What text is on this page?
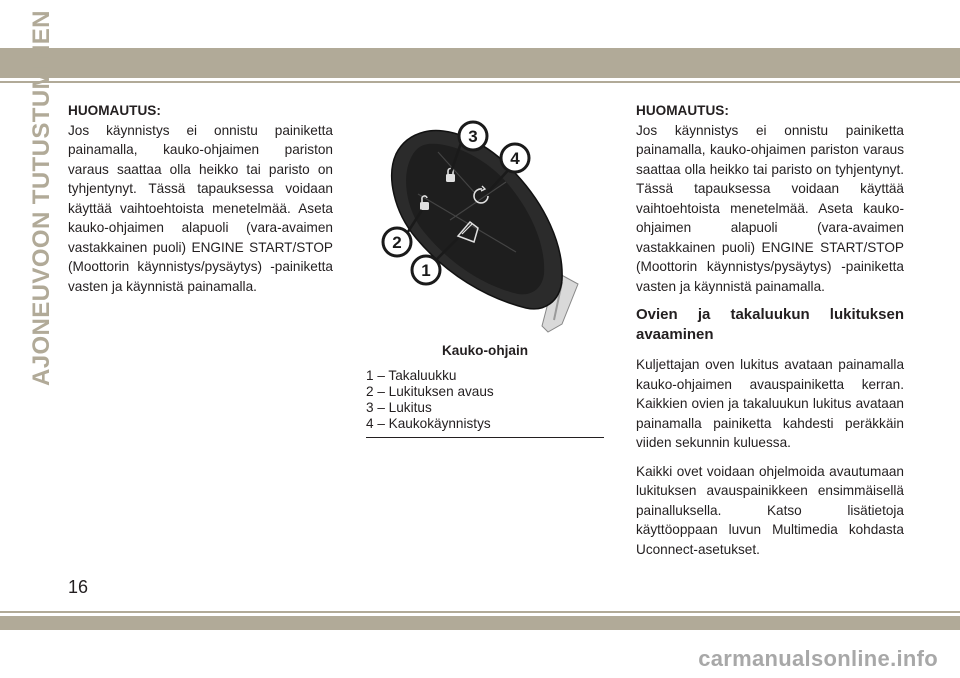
AJONEUVOON TUTUSTUMINEN HUOMAUTUS:

Jos käynnistys ei onnistu painiketta painamalla, kauko-ohjaimen pariston varaus saattaa olla heikko tai paristo on tyhjentynyt. Tässä tapauksessa voidaan käyttää vaihtoehtoista menetelmää. Aseta kauko-ohjaimen alapuoli (vara-avaimen vastakkainen puoli) ENGINE START/STOP (Moottorin käynnistys/pysäytys) -painiketta vasten ja käynnistä painamalla.

3
4
2
1
Kauko-ohjain
1 – Takaluukku
2 – Lukituksen avaus
3 – Lukitus
4 – Kaukokäynnistys

HUOMAUTUS:

Jos käynnistys ei onnistu painiketta painamalla, kauko-ohjaimen pariston varaus saattaa olla heikko tai paristo on tyhjentynyt. Tässä tapauksessa voidaan käyttää vaihtoehtoista menetelmää. Aseta kauko-ohjaimen alapuoli (vara-avaimen vastakkainen puoli) ENGINE START/STOP (Moottorin käynnistys/pysäytys) -painiketta vasten ja käynnistä painamalla.

Ovien ja takaluukun lukituksen avaaminen

Kuljettajan oven lukitus avataan painamalla kauko-ohjaimen avauspainiketta kerran. Kaikkien ovien ja takaluukun lukitus avataan painamalla painiketta kahdesti peräkkäin viiden sekunnin kuluessa.

Kaikki ovet voidaan ohjelmoida avautumaan lukituksen avauspainikkeen ensimmäisellä painalluksella. Katso lisätietoja käyttöoppaan luvun Multimedia kohdasta Uconnect-asetukset.

16
carmanualsonline.info
